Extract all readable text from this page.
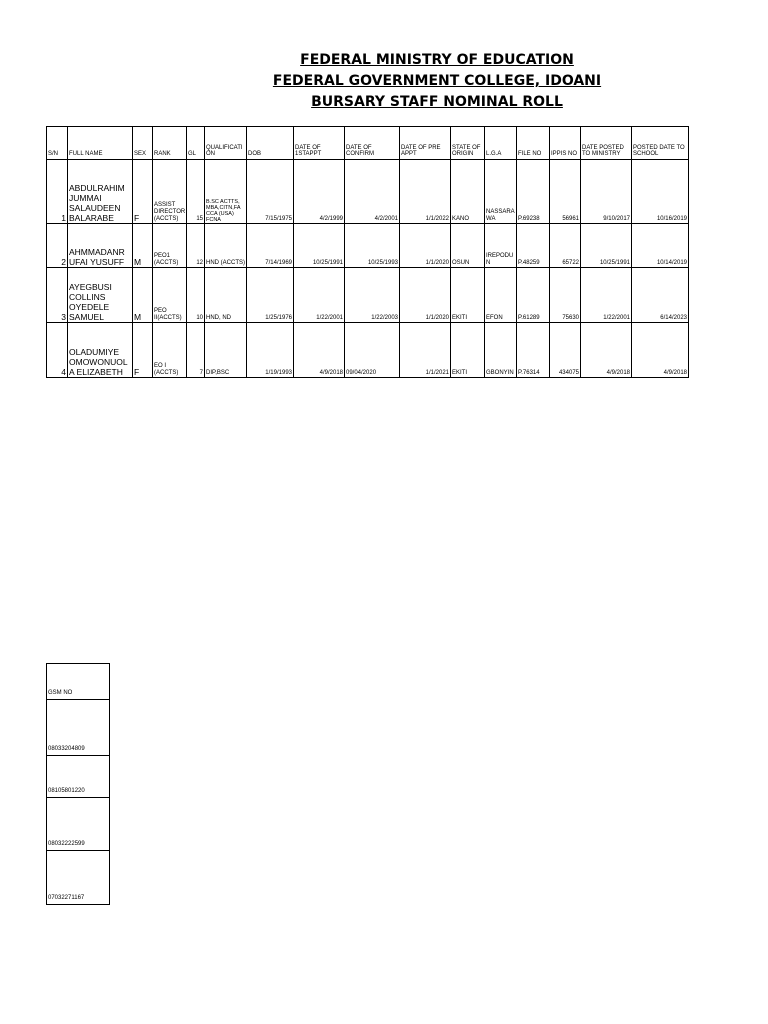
FEDERAL MINISTRY OF EDUCATION
FEDERAL GOVERNMENT COLLEGE, IDOANI
BURSARY STAFF NOMINAL ROLL
S/N	FULL NAME	SEX	RANK	GL	QUALIFICATI ON	DOB	DATE OF 1STAPPT	DATE OF CONFIRM	DATE OF PRE APPT	STATE OF ORIGIN	L.G.A	FILE NO	IPPIS NO	DATE POSTED TO MINISTRY	POSTED DATE TO SCHOOL
1	ABDULRAHIM JUMMAI SALAUDEEN BALARABE	F	ASSIST DIRECTOR (ACCTS)	15	B.SC ACTTS, MBA,CITN,FA CCA (USA) FCNA	7/15/1975	4/2/1999	4/2/2001	1/1/2022	KANO	NASSARA WA	P.69238	56961	9/10/2017	10/16/2019
2	AHMMADANR UFAI YUSUFF	M	PEO1 (ACCTS)	12	HND (ACCTS)	7/14/1969	10/25/1991	10/25/1993	1/1/2020	OSUN	IREPODU N	P.48259	65722	10/25/1991	10/14/2019
3	AYEGBUSI COLLINS OYEDELE SAMUEL	M	PEO II(ACCTS)	10	HND, ND	1/25/1976	1/22/2001	1/22/2003	1/1/2020	EKITI	EFON	P.61289	75630	1/22/2001	6/14/2023
4	OLADUMIYE OMOWONUOL A ELIZABETH	F	EO I (ACCTS)	7	DIP,BSC	1/19/1993	4/9/2018	09/04/2020	1/1/2021	EKITI	GBONYIN	P.76314	434075	4/9/2018	4/9/2018
GSM NO
08033204809
08105801220
08032222599
07032271167
